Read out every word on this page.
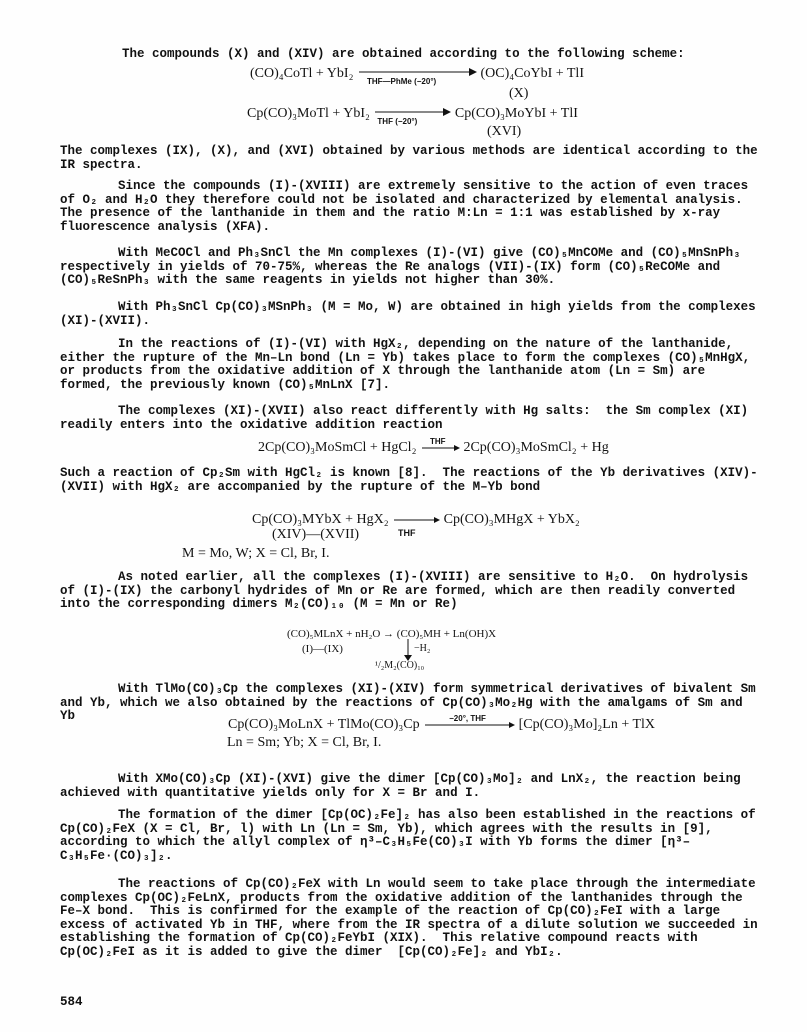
The compounds (X) and (XIV) are obtained according to the following scheme:

(CO)₄CoTl + YbI₂
THF—PhMe (−20°)
(OC)₄CoYbI + TlI
(X)
Cp(CO)₃MoTl + YbI₂
THF (−20°)
Cp(CO)₃MoYbI + TlI
(XVI)

The complexes (IX), (X), and (XVI) obtained by various methods are identical according to the IR spectra.

Since the compounds (I)-(XVIII) are extremely sensitive to the action of even traces of O₂ and H₂O they therefore could not be isolated and characterized by elemental analysis. The presence of the lanthanide in them and the ratio M:Ln = 1:1 was established by x-ray fluorescence analysis (XFA).

With MeCOCl and Ph₃SnCl the Mn complexes (I)-(VI) give (CO)₅MnCOMe and (CO)₅MnSnPh₃ respectively in yields of 70-75%, whereas the Re analogs (VII)-(IX) form (CO)₅ReCOMe and (CO)₅ReSnPh₃ with the same reagents in yields not higher than 30%.

With Ph₃SnCl Cp(CO)₃MSnPh₃ (M = Mo, W) are obtained in high yields from the complexes (XI)-(XVII).

In the reactions of (I)-(VI) with HgX₂, depending on the nature of the lanthanide, either the rupture of the Mn–Ln bond (Ln = Yb) takes place to form the complexes (CO)₅MnHgX, or products from the oxidative addition of X through the lanthanide atom (Ln = Sm) are formed, the previously known (CO)₅MnLnX [7].

The complexes (XI)-(XVII) also react differently with Hg salts:  the Sm complex (XI) readily enters into the oxidative addition reaction

2Cp(CO)₃MoSmCl + HgCl₂ THF 2Cp(CO)₃MoSmCl₂ + Hg

Such a reaction of Cp₂Sm with HgCl₂ is known [8].  The reactions of the Yb derivatives (XIV)-(XVII) with HgX₂ are accompanied by the rupture of the M–Yb bond

Cp(CO)₃MYbX + HgX₂	Cp(CO)₃MHgX + YbX₂
(XIV)—(XVII)	THF
M = Mo, W; X = Cl, Br, I.

As noted earlier, all the complexes (I)-(XVIII) are sensitive to H₂O.  On hydrolysis of (I)-(IX) the carbonyl hydrides of Mn or Re are formed, which are then readily converted into the corresponding dimers M₂(CO)₁₀ (M = Mn or Re)

(CO)₅MLnX + nH₂O → (CO)₅MH + Ln(OH)X
(I)—(IX)	−H₂
¹/₂M₂(CO)₁₀

With TlMo(CO)₃Cp the complexes (XI)-(XIV) form symmetrical derivatives of bivalent Sm and Yb, which we also obtained by the reactions of Cp(CO)₃Mo₂Hg with the amalgams of Sm and Yb

Cp(CO)₃MoLnX + TlMo(CO)₃Cp	−20°, THF [Cp(CO)₃Mo]₂Ln + TlX
Ln = Sm; Yb; X = Cl, Br, I.

With XMo(CO)₃Cp (XI)-(XVI) give the dimer [Cp(CO)₃Mo]₂ and LnX₂, the reaction being achieved with quantitative yields only for X = Br and I.

The formation of the dimer [Cp(OC)₂Fe]₂ has also been established in the reactions of Cp(CO)₂FeX (X = Cl, Br, l) with Ln (Ln = Sm, Yb), which agrees with the results in [9], according to which the allyl complex of η³–C₃H₅Fe(CO)₃I with Yb forms the dimer [η³–C₃H₅Fe·(CO)₃]₂.

The reactions of Cp(CO)₂FeX with Ln would seem to take place through the intermediate complexes Cp(OC)₂FeLnX, products from the oxidative addition of the lanthanides through the Fe–X bond.  This is confirmed for the example of the reaction of Cp(CO)₂FeI with a large excess of activated Yb in THF, where from the IR spectra of a dilute solution we succeeded in establishing the formation of Cp(CO)₂FeYbI (XIX).  This relative compound reacts with Cp(OC)₂FeI as it is added to give the dimer  [Cp(CO)₂Fe]₂ and YbI₂.

584
